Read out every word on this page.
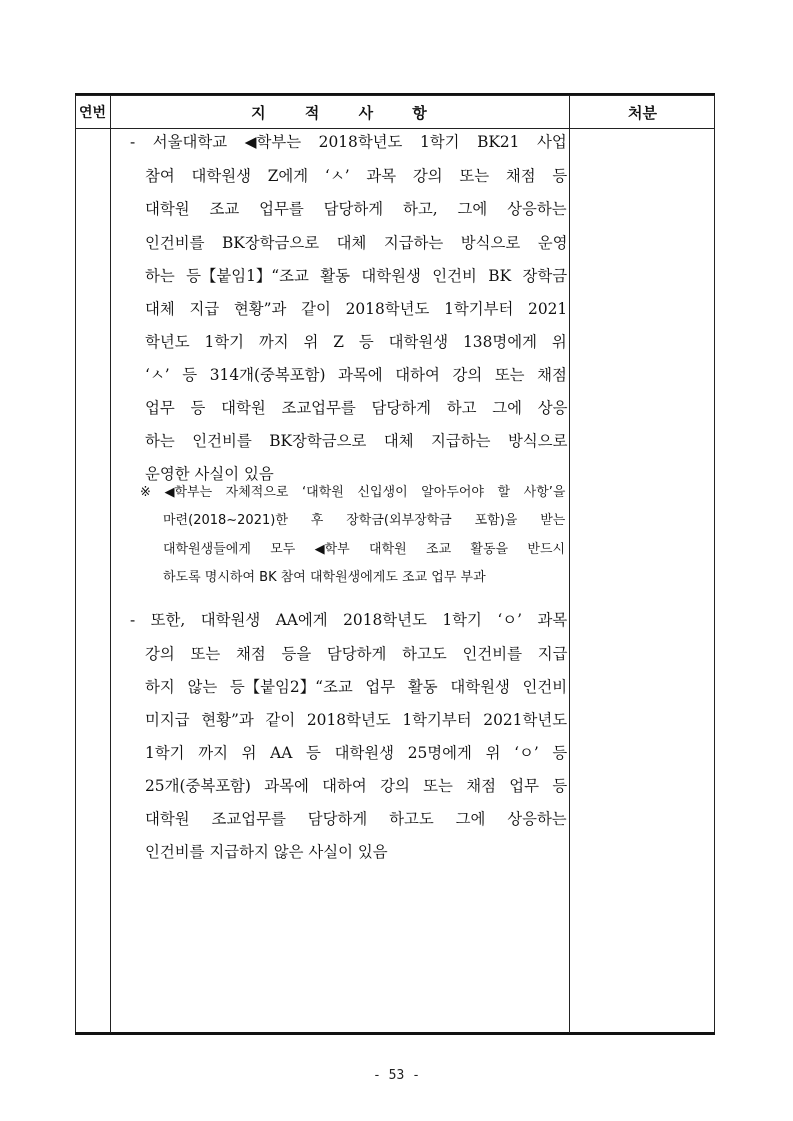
연번	지 적 사 항	처분
- 서울대학교 ◀학부는 2018학년도 1학기 BK21 사업
참여 대학원생 Z에게 ‘ㅅ’ 과목 강의 또는 채점 등
대학원 조교 업무를 담당하게 하고, 그에 상응하는
인건비를 BK장학금으로 대체 지급하는 방식으로 운영
하는 등【붙임1】“조교 활동 대학원생 인건비 BK 장학금
대체 지급 현황”과 같이 2018학년도 1학기부터 2021
학년도 1학기 까지 위 Z 등 대학원생 138명에게 위
‘ㅅ’ 등 314개(중복포함) 과목에 대하여 강의 또는 채점
업무 등 대학원 조교업무를 담당하게 하고 그에 상응
하는 인건비를 BK장학금으로 대체 지급하는 방식으로
운영한 사실이 있음
※ ◀학부는 자체적으로 ‘대학원 신입생이 알아두어야 할 사항’을
마련(2018∼2021)한 후 장학금(외부장학금 포함)을 받는
대학원생들에게 모두 ◀학부 대학원 조교 활동을 반드시
하도록 명시하여 BK 참여 대학원생에게도 조교 업무 부과
- 또한, 대학원생 AA에게 2018학년도 1학기 ‘ㅇ’ 과목
강의 또는 채점 등을 담당하게 하고도 인건비를 지급
하지 않는 등【붙임2】“조교 업무 활동 대학원생 인건비
미지급 현황”과 같이 2018학년도 1학기부터 2021학년도
1학기 까지 위 AA 등 대학원생 25명에게 위 ‘ㅇ’ 등
25개(중복포함) 과목에 대하여 강의 또는 채점 업무 등
대학원 조교업무를 담당하게 하고도 그에 상응하는
인건비를 지급하지 않은 사실이 있음
- 53 -
